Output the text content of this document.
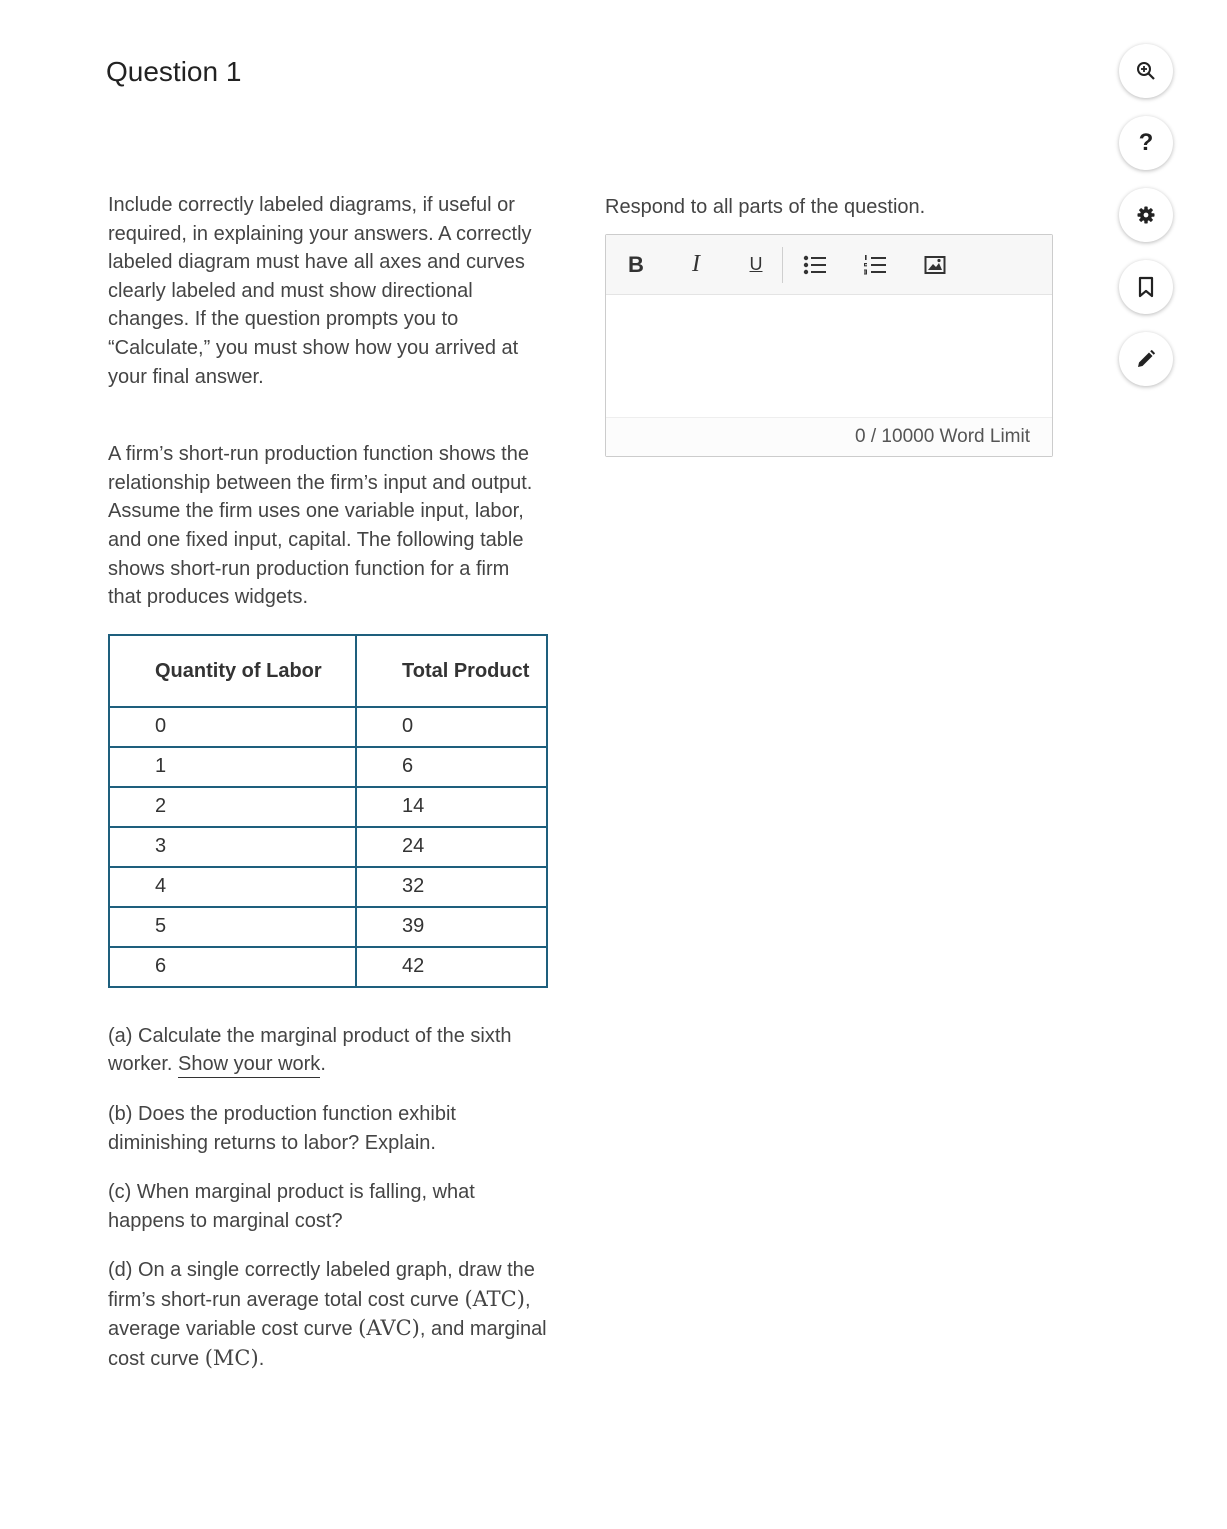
Question 1

Include correctly labeled diagrams, if useful or required, in explaining your answers. A correctly labeled diagram must have all axes and curves clearly labeled and must show directional changes. If the question prompts you to “Calculate,” you must show how you arrived at your final answer.

A firm’s short-run production function shows the relationship between the firm’s input and output. Assume the firm uses one variable input, labor, and one fixed input, capital. The following table shows short-run production function for a firm that produces widgets.

Quantity of Labor	Total Product
0	0
1	6
2	14
3	24
4	32
5	39
6	42

(a) Calculate the marginal product of the sixth worker. Show your work.

(b) Does the production function exhibit diminishing returns to labor? Explain.

(c) When marginal product is falling, what happens to marginal cost?

(d) On a single correctly labeled graph, draw the firm’s short-run average total cost curve (ATC), average variable cost curve (AVC), and marginal cost curve (MC).

Respond to all parts of the question.

B	I	U
0 / 10000 Word Limit
?
